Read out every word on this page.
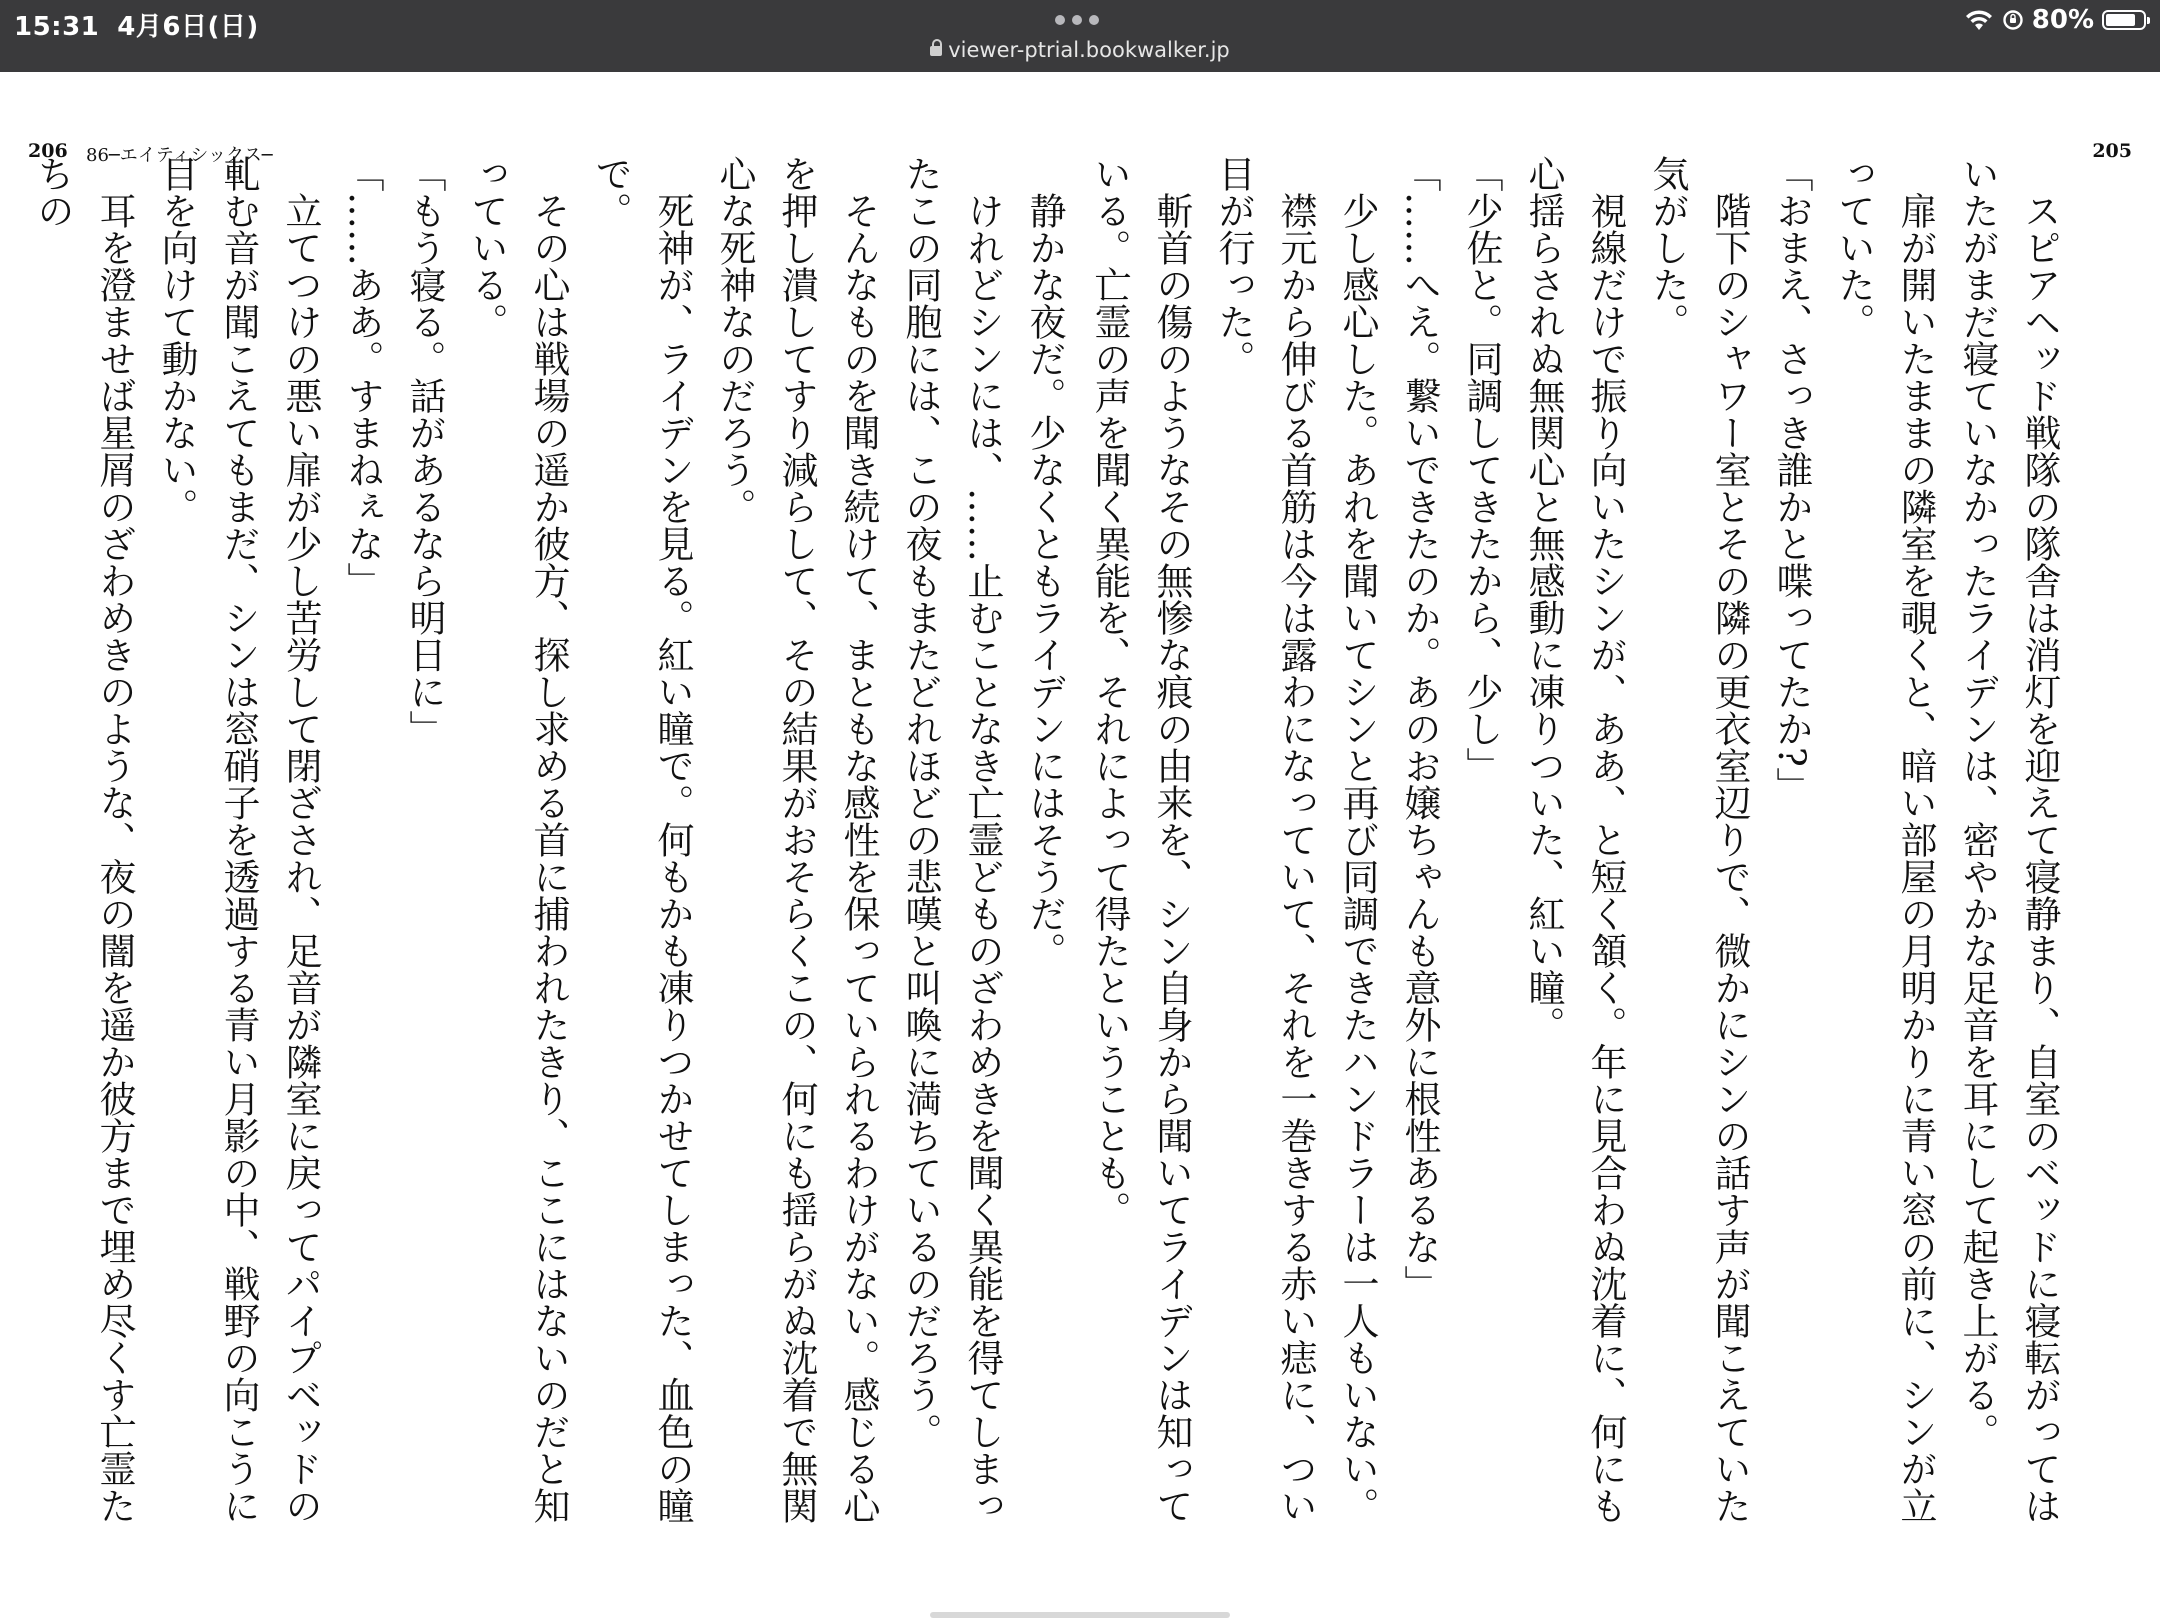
15:31 4月6日(日)	80%
viewer-ptrial.bookwalker.jp
206 86─エイティシックス─	205

スピアヘッド戦隊の隊舎は消灯を迎えて寝静まり、自室のベッドに寝転がってはいたがまだ寝ていなかったライデンは、密やかな足音を耳にして起き上がる。

扉が開いたままの隣室を覗くと、暗い部屋の月明かりに青い窓の前に、シンが立っていた。

「おまえ、さっき誰かと喋ってたか?」

階下のシャワー室とその隣の更衣室辺りで、微かにシンの話す声が聞こえていた気がした。

視線だけで振り向いたシンが、ああ、と短く頷く。年に見合わぬ沈着に、何にも心揺らされぬ無関心と無感動に凍りついた、紅い瞳。

「少佐と。同調してきたから、少し」

「……へえ。繋いできたのか。あのお嬢ちゃんも意外に根性あるな」

少し感心した。あれを聞いてシンと再び同調できたハンドラーは一人もいない。

襟元から伸びる首筋は今は露わになっていて、それを一巻きする赤い痣に、つい目が行った。

斬首の傷のようなその無惨な痕の由来を、シン自身から聞いてライデンは知っている。亡霊の声を聞く異能を、それによって得たということも。

静かな夜だ。少なくともライデンにはそうだ。

けれどシンには、……止むことなき亡霊どものざわめきを聞く異能を得てしまったこの同胞には、この夜もまたどれほどの悲嘆と叫喚に満ちているのだろう。

そんなものを聞き続けて、まともな感性を保っていられるわけがない。感じる心を押し潰してすり減らして、その結果がおそらくこの、何にも揺らがぬ沈着で無関心な死神なのだろう。

死神が、ライデンを見る。紅い瞳で。何もかも凍りつかせてしまった、血色の瞳で。

その心は戦場の遥か彼方、探し求める首に捕われたきり、ここにはないのだと知っている。

「もう寝る。話があるなら明日に」

「……ああ。すまねぇな」

立てつけの悪い扉が少し苦労して閉ざされ、足音が隣室に戻ってパイプベッドの軋む音が聞こえてもまだ、シンは窓硝子を透過する青い月影の中、戦野の向こうに目を向けて動かない。

耳を澄ませば星屑のざわめきのような、夜の闇を遥か彼方まで埋め尽くす亡霊たちの
